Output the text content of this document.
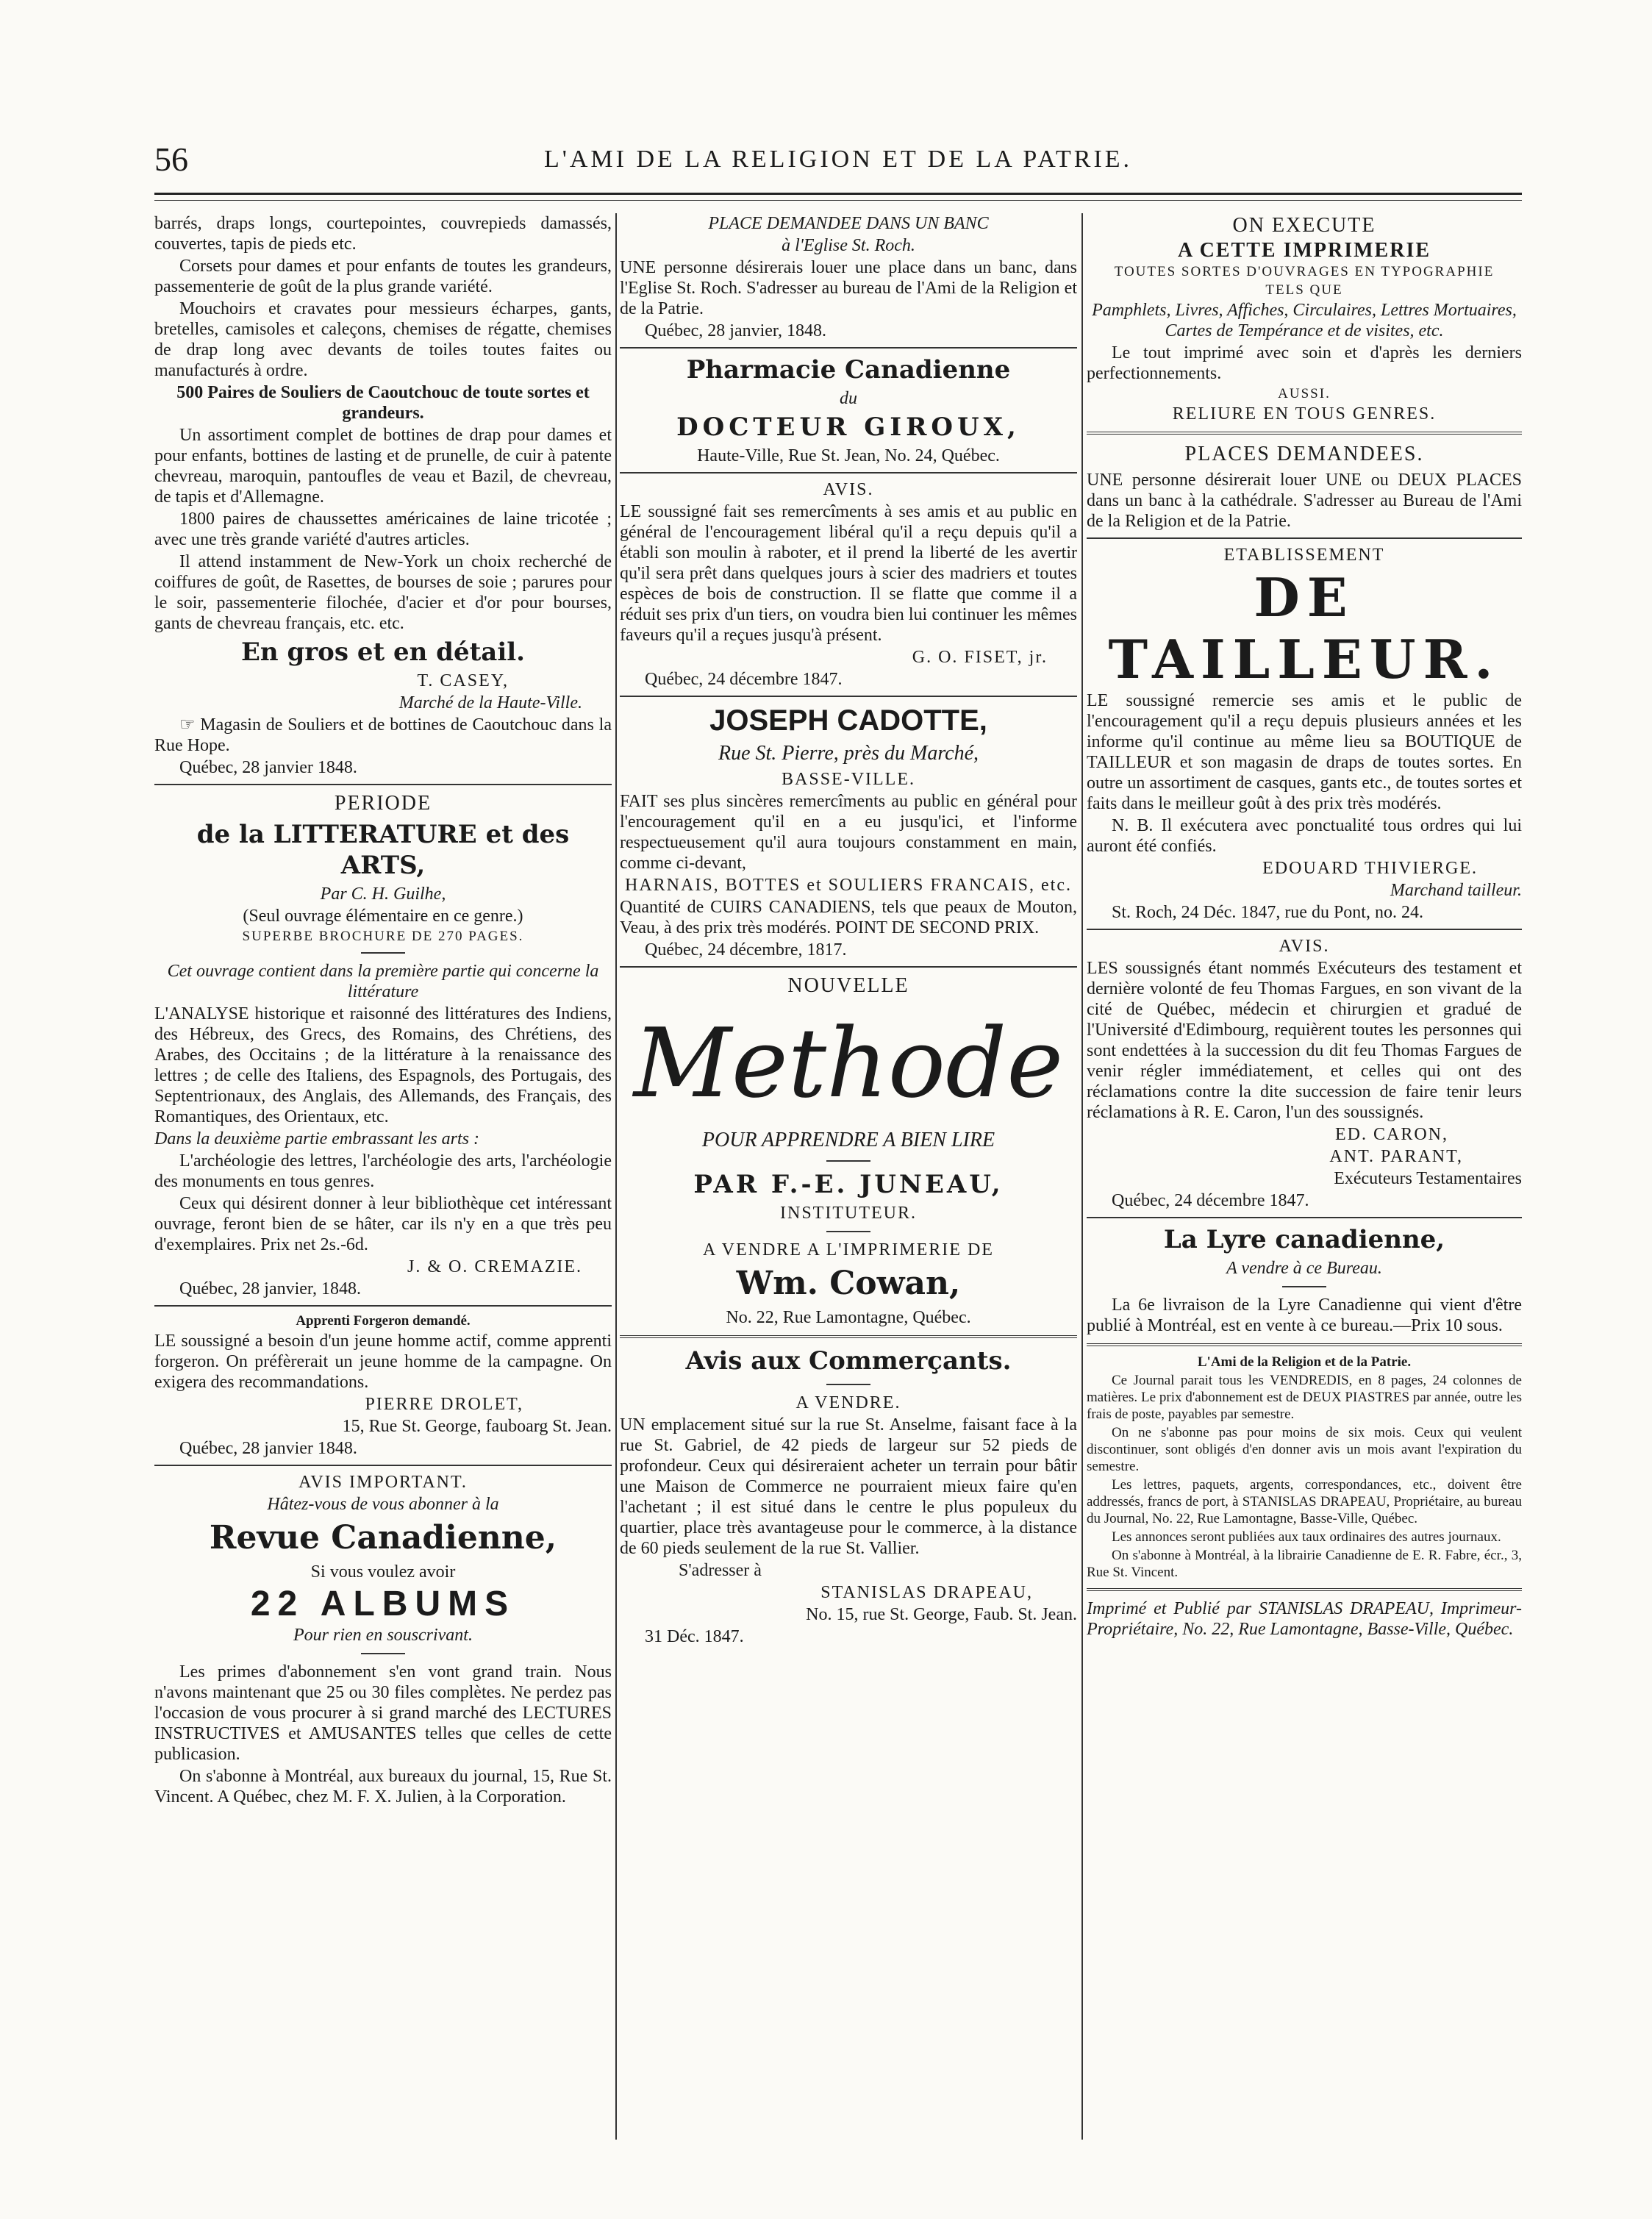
56	L'AMI DE LA RELIGION ET DE LA PATRIE.

barrés, draps longs, courtepointes, couvrepieds damassés, couvertes, tapis de pieds etc.

Corsets pour dames et pour enfants de toutes les grandeurs, passementerie de goût de la plus grande variété.

Mouchoirs et cravates pour messieurs écharpes, gants, bretelles, camisoles et caleçons, chemises de régatte, chemises de drap long avec devants de toiles toutes faites ou manufacturés à ordre.

500 Paires de Souliers de Caoutchouc de toute sortes et grandeurs.

Un assortiment complet de bottines de drap pour dames et pour enfants, bottines de lasting et de prunelle, de cuir à patente chevreau, maroquin, pantoufles de veau et Bazil, de chevreau, de tapis et d'Allemagne.

1800 paires de chaussettes américaines de laine tricotée ; avec une très grande variété d'autres articles.

Il attend instamment de New-York un choix recherché de coiffures de goût, de Rasettes, de bourses de soie ; parures pour le soir, passementerie filochée, d'acier et d'or pour bourses, gants de chevreau français, etc. etc.

En gros et en détail.

T. CASEY,

Marché de la Haute-Ville.

☞ Magasin de Souliers et de bottines de Caoutchouc dans la Rue Hope.

Québec, 28 janvier 1848.

PERIODE

de la LITTERATURE et des ARTS,

Par C. H. Guilhe,

(Seul ouvrage élémentaire en ce genre.)

SUPERBE BROCHURE DE 270 PAGES.

Cet ouvrage contient dans la première partie qui concerne la littérature

L'ANALYSE historique et raisonné des littératures des Indiens, des Hébreux, des Grecs, des Romains, des Chrétiens, des Arabes, des Occitains ; de la littérature à la renaissance des lettres ; de celle des Italiens, des Espagnols, des Portugais, des Septentrionaux, des Anglais, des Allemands, des Français, des Romantiques, des Orientaux, etc.

Dans la deuxième partie embrassant les arts :

L'archéologie des lettres, l'archéologie des arts, l'archéologie des monuments en tous genres.

Ceux qui désirent donner à leur bibliothèque cet intéressant ouvrage, feront bien de se hâter, car ils n'y en a que très peu d'exemplaires. Prix net 2s.-6d.

J. & O. CREMAZIE.

Québec, 28 janvier, 1848.

Apprenti Forgeron demandé.

LE soussigné a besoin d'un jeune homme actif, comme apprenti forgeron. On préfèrerait un jeune homme de la campagne. On exigera des recommandations.

PIERRE DROLET,

15, Rue St. George, fauboarg St. Jean.

Québec, 28 janvier 1848.

AVIS IMPORTANT.

Hâtez-vous de vous abonner à la

Revue Canadienne,

Si vous voulez avoir

22 ALBUMS

Pour rien en souscrivant.

Les primes d'abonnement s'en vont grand train. Nous n'avons maintenant que 25 ou 30 files complètes. Ne perdez pas l'occasion de vous procurer à si grand marché des LECTURES INSTRUCTIVES et AMUSANTES telles que celles de cette publicasion.

On s'abonne à Montréal, aux bureaux du journal, 15, Rue St. Vincent. A Québec, chez M. F. X. Julien, à la Corporation.

PLACE DEMANDEE DANS UN BANC

à l'Eglise St. Roch.

UNE personne désirerais louer une place dans un banc, dans l'Eglise St. Roch. S'adresser au bureau de l'Ami de la Religion et de la Patrie.

Québec, 28 janvier, 1848.

Pharmacie Canadienne

du

DOCTEUR GIROUX,

Haute-Ville, Rue St. Jean, No. 24, Québec.

AVIS.

LE soussigné fait ses remercîments à ses amis et au public en général de l'encouragement libéral qu'il a reçu depuis qu'il a établi son moulin à raboter, et il prend la liberté de les avertir qu'il sera prêt dans quelques jours à scier des madriers et toutes espèces de bois de construction. Il se flatte que comme il a réduit ses prix d'un tiers, on voudra bien lui continuer les mêmes faveurs qu'il a reçues jusqu'à présent.

G. O. FISET, jr.

Québec, 24 décembre 1847.

JOSEPH CADOTTE,

Rue St. Pierre, près du Marché,

BASSE-VILLE.

FAIT ses plus sincères remercîments au public en général pour l'encouragement qu'il en a eu jusqu'ici, et l'informe respectueusement qu'il aura toujours constamment en main, comme ci-devant,

HARNAIS, BOTTES et SOULIERS FRANCAIS, etc.

Quantité de CUIRS CANADIENS, tels que peaux de Mouton, Veau, à des prix très modérés. POINT DE SECOND PRIX.

Québec, 24 décembre, 1817.

NOUVELLE

Methode

POUR APPRENDRE A BIEN LIRE

PAR F.-E. JUNEAU,

INSTITUTEUR.

A VENDRE A L'IMPRIMERIE DE

Wm. Cowan,

No. 22, Rue Lamontagne, Québec.

Avis aux Commerçants.

A VENDRE.

UN emplacement situé sur la rue St. Anselme, faisant face à la rue St. Gabriel, de 42 pieds de largeur sur 52 pieds de profondeur. Ceux qui désireraient acheter un terrain pour bâtir une Maison de Commerce ne pourraient mieux faire qu'en l'achetant ; il est situé dans le centre le plus populeux du quartier, place très avantageuse pour le commerce, à la distance de 60 pieds seulement de la rue St. Vallier.

S'adresser à

STANISLAS DRAPEAU,

No. 15, rue St. George, Faub. St. Jean.

31 Déc. 1847.

ON EXECUTE

A CETTE IMPRIMERIE

TOUTES SORTES D'OUVRAGES EN TYPOGRAPHIE

TELS QUE

Pamphlets, Livres, Affiches, Circulaires, Lettres Mortuaires, Cartes de Tempérance et de visites, etc.

Le tout imprimé avec soin et d'après les derniers perfectionnements.

AUSSI.

RELIURE EN TOUS GENRES.

PLACES DEMANDEES.

UNE personne désirerait louer UNE ou DEUX PLACES dans un banc à la cathédrale. S'adresser au Bureau de l'Ami de la Religion et de la Patrie.

ETABLISSEMENT

DE TAILLEUR.

LE soussigné remercie ses amis et le public de l'encouragement qu'il a reçu depuis plusieurs années et les informe qu'il continue au même lieu sa BOUTIQUE de TAILLEUR et son magasin de draps de toutes sortes. En outre un assortiment de casques, gants etc., de toutes sortes et faits dans le meilleur goût à des prix très modérés.

N. B. Il exécutera avec ponctualité tous ordres qui lui auront été confiés.

EDOUARD THIVIERGE.

Marchand tailleur.

St. Roch, 24 Déc. 1847, rue du Pont, no. 24.

AVIS.

LES soussignés étant nommés Exécuteurs des testament et dernière volonté de feu Thomas Fargues, en son vivant de la cité de Québec, médecin et chirurgien et gradué de l'Université d'Edimbourg, requièrent toutes les personnes qui sont endettées à la succession du dit feu Thomas Fargues de venir régler immédiatement, et celles qui ont des réclamations contre la dite succession de faire tenir leurs réclamations à R. E. Caron, l'un des soussignés.

ED. CARON,

ANT. PARANT,

Exécuteurs Testamentaires

Québec, 24 décembre 1847.

La Lyre canadienne,

A vendre à ce Bureau.

La 6e livraison de la Lyre Canadienne qui vient d'être publié à Montréal, est en vente à ce bureau.—Prix 10 sous.

L'Ami de la Religion et de la Patrie.

Ce Journal parait tous les VENDREDIS, en 8 pages, 24 colonnes de matières. Le prix d'abonnement est de DEUX PIASTRES par année, outre les frais de poste, payables par semestre.

On ne s'abonne pas pour moins de six mois. Ceux qui veulent discontinuer, sont obligés d'en donner avis un mois avant l'expiration du semestre.

Les lettres, paquets, argents, correspondances, etc., doivent être addressés, francs de port, à STANISLAS DRAPEAU, Propriétaire, au bureau du Journal, No. 22, Rue Lamontagne, Basse-Ville, Québec.

Les annonces seront publiées aux taux ordinaires des autres journaux.

On s'abonne à Montréal, à la librairie Canadienne de E. R. Fabre, écr., 3, Rue St. Vincent.

Imprimé et Publié par STANISLAS DRAPEAU, Imprimeur-Propriétaire, No. 22, Rue Lamontagne, Basse-Ville, Québec.
